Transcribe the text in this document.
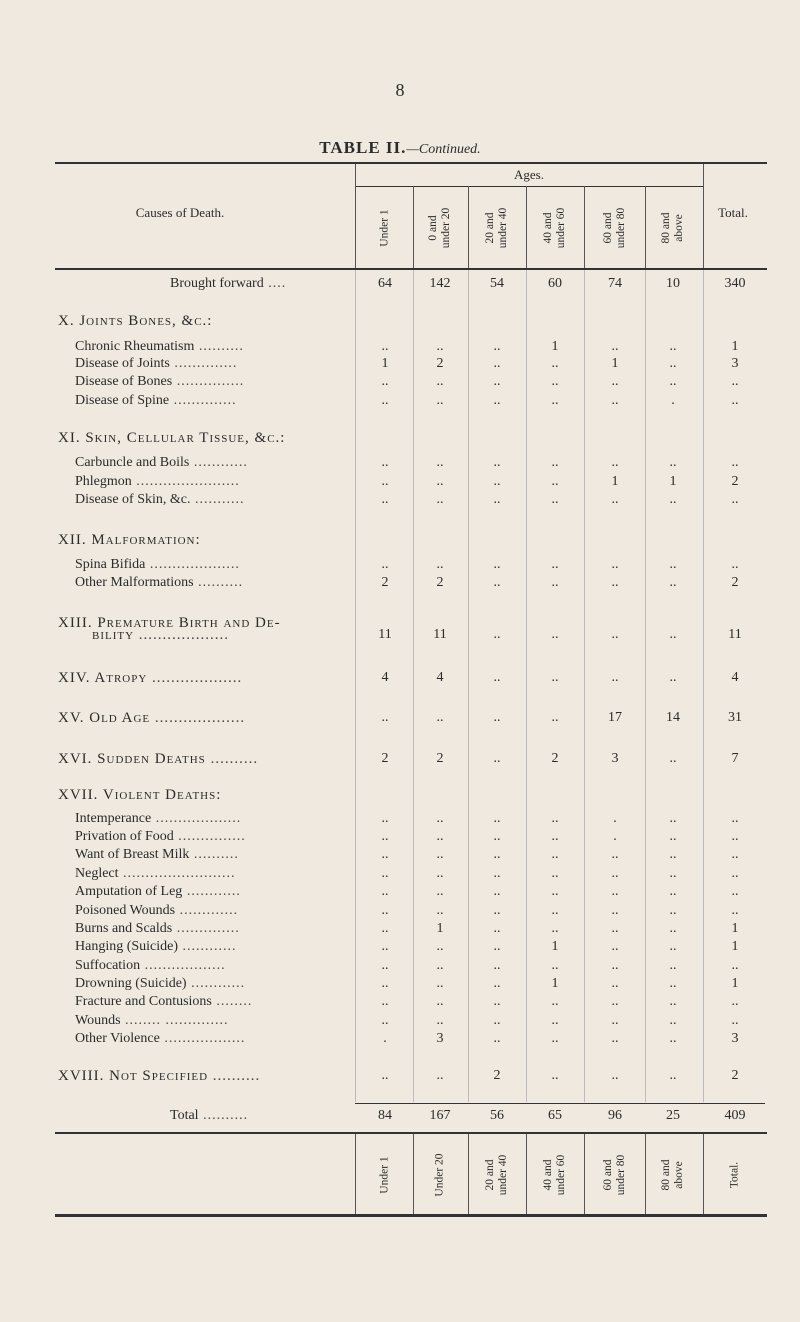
8
TABLE II.—Continued.
Ages.
Causes of Death.	Total.
Under 1	0 and
under 20
20 and
under 40
40 and
under 60
60 and
under 80
80 and
above
Brought forward ....	64	142	54	60	74	10	340
X. Joints Bones, &c.:
Chronic Rheumatism ..........	..	..	..	1	..	..	1
Disease of Joints ..............	1	2	..	..	1	..	3
Disease of Bones ...............	..	..	..	..	..	..	..
Disease of Spine ..............	..	..	..	..	..	.	..
XI. Skin, Cellular Tissue, &c.:
Carbuncle and Boils ............	..	..	..	..	..	..	..
Phlegmon .......................	..	..	..	..	1	1	2
Disease of Skin, &c. ...........	..	..	..	..	..	..	..
XII. Malformation:
Spina Bifida ....................	..	..	..	..	..	..	..
Other Malformations ..........	2	2	..	..	..	..	2
XIII. Premature Birth and De-
bility ...................	11	11	..	..	..	..	11
XIV. Atropy ...................	4	4	..	..	..	..	4
XV. Old Age ...................	..	..	..	..	17	14	31
XVI. Sudden Deaths ..........	2	2	..	2	3	..	7
XVII. Violent Deaths:
Intemperance ...................	..	..	..	..	.	..	..
Privation of Food ...............	..	..	..	..	.	..	..
Want of Breast Milk ..........	..	..	..	..	..	..	..
Neglect .........................	..	..	..	..	..	..	..
Amputation of Leg ............	..	..	..	..	..	..	..
Poisoned Wounds .............	..	..	..	..	..	..	..
Burns and Scalds ..............	..	1	..	..	..	..	1
Hanging (Suicide) ............	..	..	..	1	..	..	1
Suffocation ..................	..	..	..	..	..	..	..
Drowning (Suicide) ............	..	..	..	1	..	..	1
Fracture and Contusions ........	..	..	..	..	..	..	..
Wounds ........ ..............	..	..	..	..	..	..	..
Other Violence ..................	.	3	..	..	..	..	3
XVIII. Not Specified ..........	..	..	2	..	..	..	2
Total ..........	84	167	56	65	96	25	409
Under 1	Under 20	20 and
under 40
40 and
under 60
60 and
under 80
80 and
above	Total.
